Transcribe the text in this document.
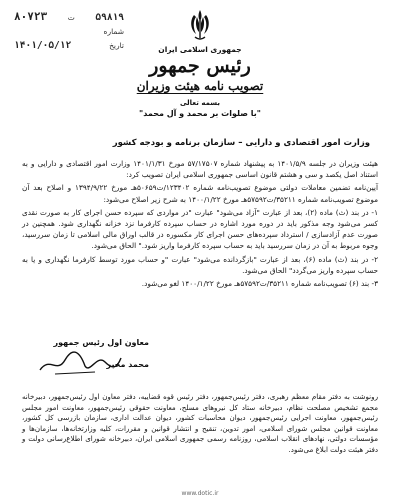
۵۹۸۱۹
ت
۸۰۷۲۳
شماره
تاریخ
۱۴۰۱/۰۵/۱۲	جمهوری اسلامی ایران
رئیس جمهور
تصویب نامه هیئت وزیران
بسمه تعالی
"با صلوات بر محمد و آل محمد"
وزارت امور اقتصادی و دارایی – سازمان برنامه و بودجه کشور

هیئت وزیران در جلسه ۱۴۰۱/۵/۹ به پیشنهاد شماره ۵۷/۱۷۵۰۷ مورخ ۱۴۰۱/۱/۳۱ وزارت امور اقتصادی و دارایی و به استناد اصل یکصد و سی و هشتم قانون اساسی جمهوری اسلامی ایران تصویب کرد:

آیین‌نامه تضمین معاملات دولتی موضوع تصویب‌نامه شماره ۱۲۳۴۰۲/ت۵۰۶۵۹هـ مورخ ۱۳۹۴/۹/۲۲ و اصلاح بعد آن موضوع تصویب‌نامه شماره ۳۵۲۱۱/ت۵۷۵۹۲هـ مورخ ۱۴۰۰/۱/۲۲ به شرح زیر اصلاح می‌شود:

۱- در بند (ث) ماده (۲)، بعد از عبارت "آزاد می‌شود" عبارت "در مواردی که سپرده حسن اجرای کار به صورت نقدی کسر می‌شود وجه مذکور باید در دوره مورد اشاره در حساب سپرده کارفرما نزد خزانه نگهداری شود. همچنین در صورت عدم آزادسازی / استرداد سپرده‌های حسن اجرای کار مکسوره در قالب اوراق مالی اسلامی تا زمان سررسید، وجوه مربوط به آن در زمان سررسید باید به حساب سپرده کارفرما واریز شود." الحاق می‌شود.

۲- در بند (ث) ماده (۶)، بعد از عبارت "بازگردانده می‌شود" عبارت "و حساب مورد توسط کارفرما نگهداری و یا به حساب سپرده واریز می‌گردد" الحاق می‌شود.

۳- بند (۶) تصویب‌نامه شماره ۳۵۲۱۱/ت۵۷۵۹۲هـ مورخ ۱۴۰۰/۱/۲۲ لغو می‌شود.

معاون اول رئیس جمهور
محمد مخبر
رونوشت به دفتر مقام معظم رهبری، دفتر رئیس‌جمهور، دفتر رئیس قوه قضاییه، دفتر معاون اول رئیس‌جمهور، دبیرخانه مجمع تشخیص مصلحت نظام، دبیرخانه ستاد کل نیروهای مسلح، معاونت حقوقی رئیس‌جمهور، معاونت امور مجلس رئیس‌جمهور، معاونت اجرایی رئیس‌جمهور، دیوان محاسبات کشور، دیوان عدالت اداری، سازمان بازرسی کل کشور، معاونت قوانین مجلس شورای اسلامی، امور تدوین، تنقیح و انتشار قوانین و مقررات، کلیه وزارتخانه‌ها، سازمان‌ها و مؤسسات دولتی، نهادهای انقلاب اسلامی، روزنامه رسمی جمهوری اسلامی ایران، دبیرخانه شورای اطلاع‌رسانی دولت و دفتر هیئت دولت ابلاغ می‌شود.
www.dotic.ir
